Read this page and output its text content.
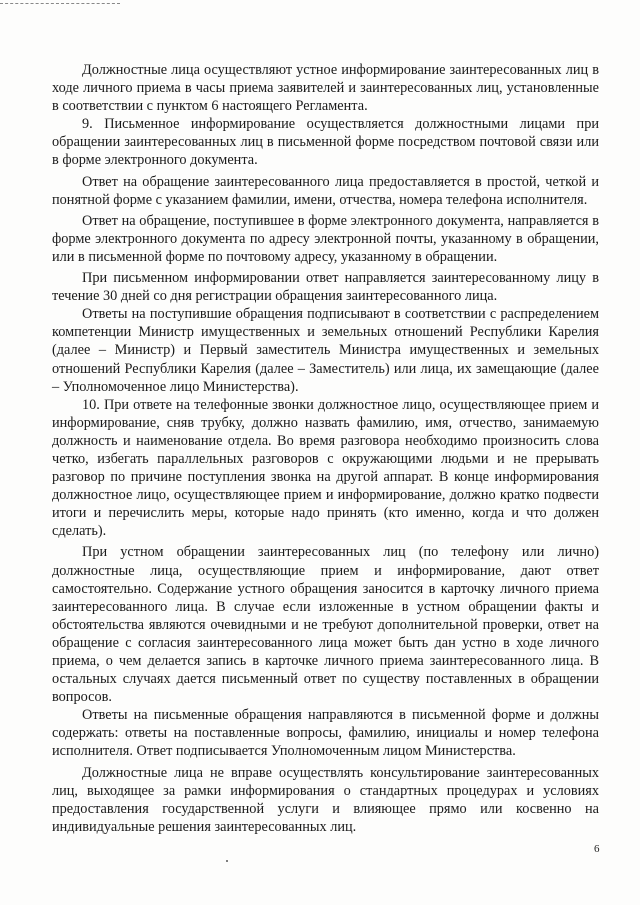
Должностные лица осуществляют устное информирование заинтересованных лиц в ходе личного приема в часы приема заявителей и заинтересованных лиц, установленные в соответствии с пунктом 6 настоящего Регламента.

9. Письменное информирование осуществляется должностными лицами при обращении заинтересованных лиц в письменной форме посредством почтовой связи или в форме электронного документа.

Ответ на обращение заинтересованного лица предоставляется в простой, четкой и понятной форме с указанием фамилии, имени, отчества, номера телефона исполнителя.

Ответ на обращение, поступившее в форме электронного документа, направляется в форме электронного документа по адресу электронной почты, указанному в обращении, или в письменной форме по почтовому адресу, указанному в обращении.

При письменном информировании ответ направляется заинтересованному лицу в течение 30 дней со дня регистрации обращения заинтересованного лица.

Ответы на поступившие обращения подписывают в соответствии с распределением компетенции Министр имущественных и земельных отношений Республики Карелия (далее – Министр) и Первый заместитель Министра имущественных и земельных отношений Республики Карелия (далее – Заместитель) или лица, их замещающие (далее – Уполномоченное лицо Министерства).

10. При ответе на телефонные звонки должностное лицо, осуществляющее прием и информирование, сняв трубку, должно назвать фамилию, имя, отчество, занимаемую должность и наименование отдела. Во время разговора необходимо произносить слова четко, избегать параллельных разговоров с окружающими людьми и не прерывать разговор по причине поступления звонка на другой аппарат. В конце информирования должностное лицо, осуществляющее прием и информирование, должно кратко подвести итоги и перечислить меры, которые надо принять (кто именно, когда и что должен сделать).

При устном обращении заинтересованных лиц (по телефону или лично) должностные лица, осуществляющие прием и информирование, дают ответ самостоятельно. Содержание устного обращения заносится в карточку личного приема заинтересованного лица. В случае если изложенные в устном обращении факты и обстоятельства являются очевидными и не требуют дополнительной проверки, ответ на обращение с согласия заинтересованного лица может быть дан устно в ходе личного приема, о чем делается запись в карточке личного приема заинтересованного лица. В остальных случаях дается письменный ответ по существу поставленных в обращении вопросов.

Ответы на письменные обращения направляются в письменной форме и должны содержать: ответы на поставленные вопросы, фамилию, инициалы и номер телефона исполнителя. Ответ подписывается Уполномоченным лицом Министерства.

Должностные лица не вправе осуществлять консультирование заинтересованных лиц, выходящее за рамки информирования о стандартных процедурах и условиях предоставления государственной услуги и влияющее прямо или косвенно на индивидуальные решения заинтересованных лиц.

6
